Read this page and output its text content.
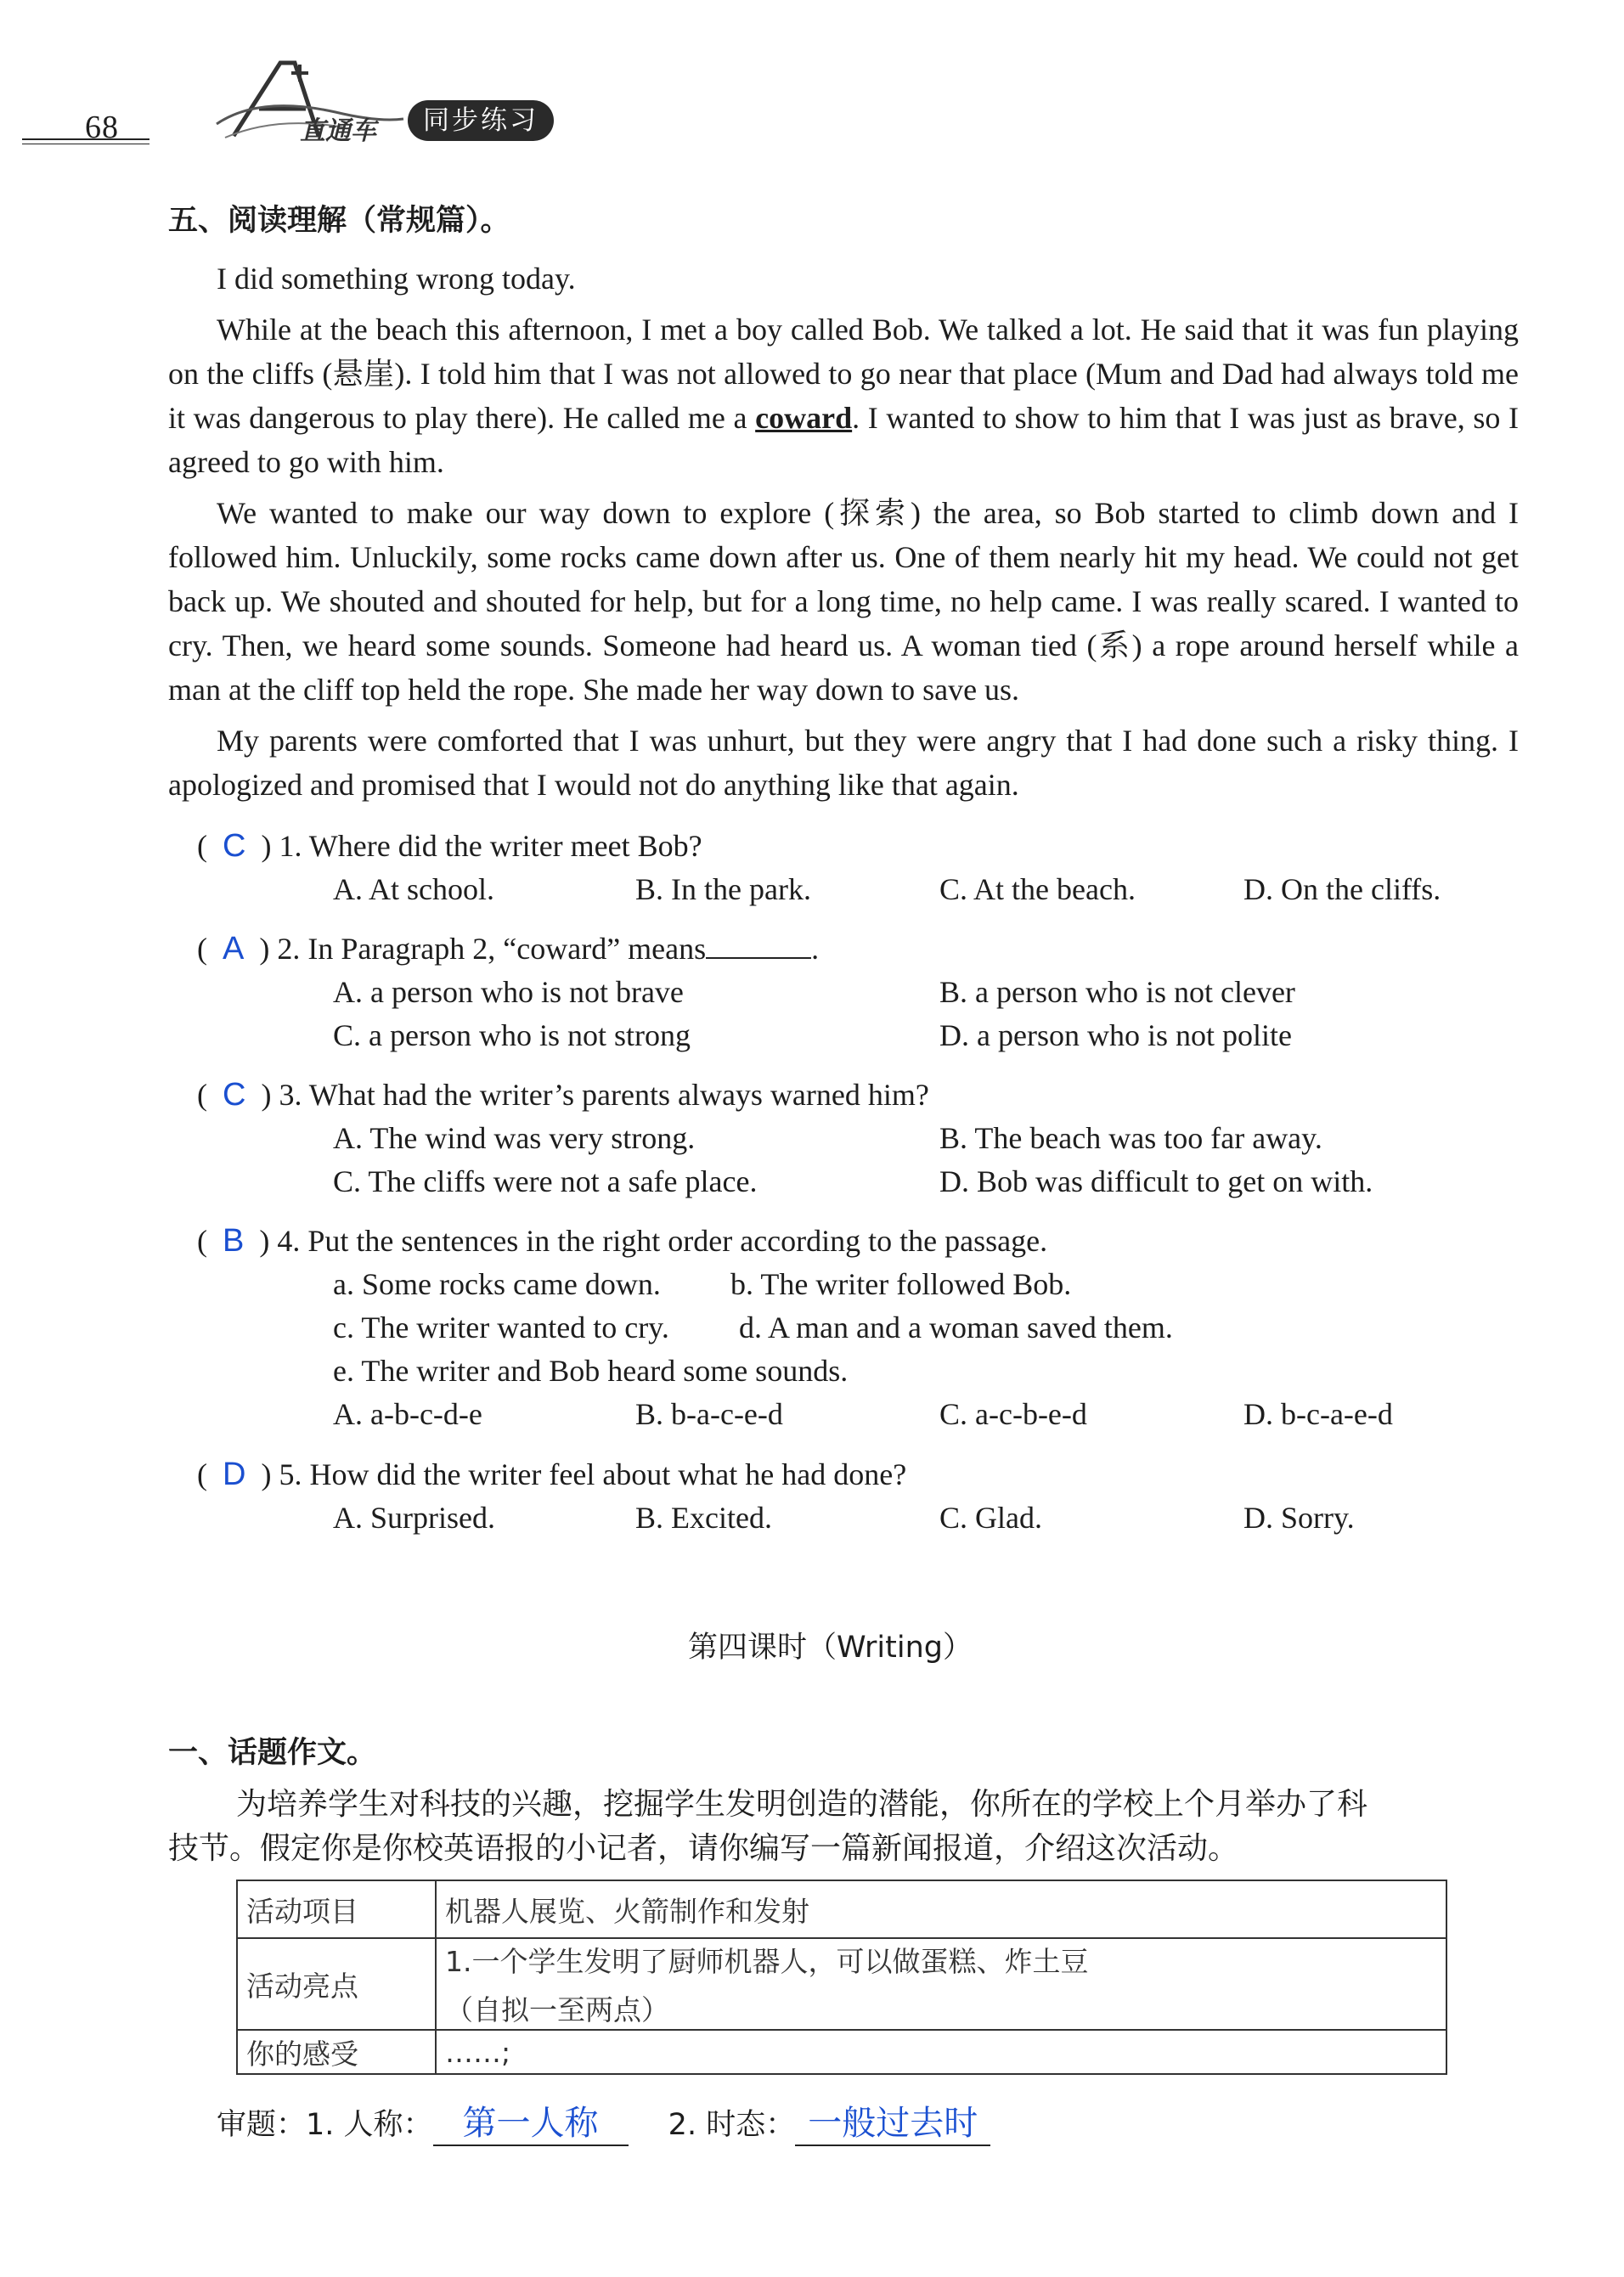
68	直通车	同步练习
五、阅读理解（常规篇）。

I did something wrong today.

While at the beach this afternoon, I met a boy called Bob. We talked a lot. He said that it was fun playing on the cliffs (悬崖). I told him that I was not allowed to go near that place (Mum and Dad had always told me it was dangerous to play there). He called me a coward. I wanted to show to him that I was just as brave, so I agreed to go with him.

We wanted to make our way down to explore (探索) the area, so Bob started to climb down and I followed him. Unluckily, some rocks came down after us. One of them nearly hit my head. We could not get back up. We shouted and shouted for help, but for a long time, no help came. I was really scared. I wanted to cry. Then, we heard some sounds. Someone had heard us. A woman tied (系) a rope around herself while a man at the cliff top held the rope. She made her way down to save us.

My parents were comforted that I was unhurt, but they were angry that I had done such a risky thing. I apologized and promised that I would not do anything like that again.

(  C ) 1. Where did the writer meet Bob?
A. At school.	B. In the park.	C. At the beach.	D. On the cliffs.
(  A ) 2. In Paragraph 2, “coward” means	.
A. a person who is not brave	B. a person who is not clever
C. a person who is not strong	D. a person who is not polite
(  C ) 3. What had the writer’s parents always warned him?
A. The wind was very strong.	B. The beach was too far away.
C. The cliffs were not a safe place.	D. Bob was difficult to get on with.
(  B ) 4. Put the sentences in the right order according to the passage.
a. Some rocks came down. b. The writer followed Bob.
c. The writer wanted to cry. d. A man and a woman saved them.
e. The writer and Bob heard some sounds.
A. a-b-c-d-e	B. b-a-c-e-d	C. a-c-b-e-d	D. b-c-a-e-d
(  D ) 5. How did the writer feel about what he had done?
A. Surprised.	B. Excited.	C. Glad.	D. Sorry.
第四课时（Writing）
一、话题作文。
为培养学生对科技的兴趣，挖掘学生发明创造的潜能，你所在的学校上个月举办了科
技节。假定你是你校英语报的小记者，请你编写一篇新闻报道，介绍这次活动。
活动项目	机器人展览、火箭制作和发射
活动亮点	1.一个学生发明了厨师机器人，可以做蛋糕、炸土豆
（自拟一至两点）

你的感受	……;
审题：1. 人称： 第一人称 2. 时态： 一般过去时
